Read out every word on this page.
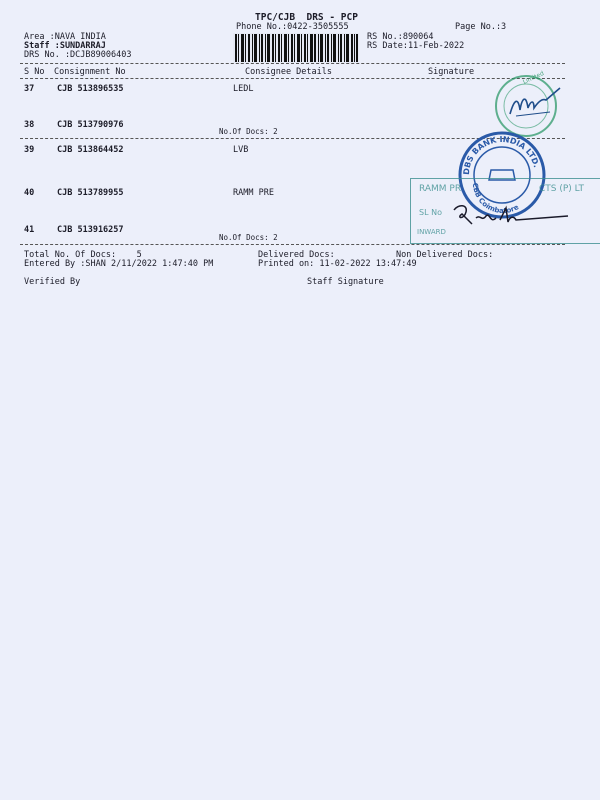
TPC/CJB  DRS - PCP
Phone No.:0422-3505555	Page No.:3
Area :NAVA INDIA
Staff :SUNDARRAJ
DRS No. :DCJB89006403
RS No.:890064
RS Date:11-Feb-2022
S No Consignment No	Consignee Details	Signature
37	CJB 513896535	LEDL
38	CJB 513790976
No.Of Docs: 2
39	CJB 513864452	LVB
40	CJB 513789955	RAMM PRE
41	CJB 513916257
No.Of Docs: 2
Total No. Of Docs:    5	Delivered Docs:	Non Delivered Docs:
Entered By :SHAN 2/11/2022 1:47:40 PM	Printed on: 11-02-2022 13:47:49
Verified By	Staff Signature
Limited
DBS BANK INDIA LTD.
CBB Coimbatore
RAMM PR	CTS (P) LT
SL No
INWARD
